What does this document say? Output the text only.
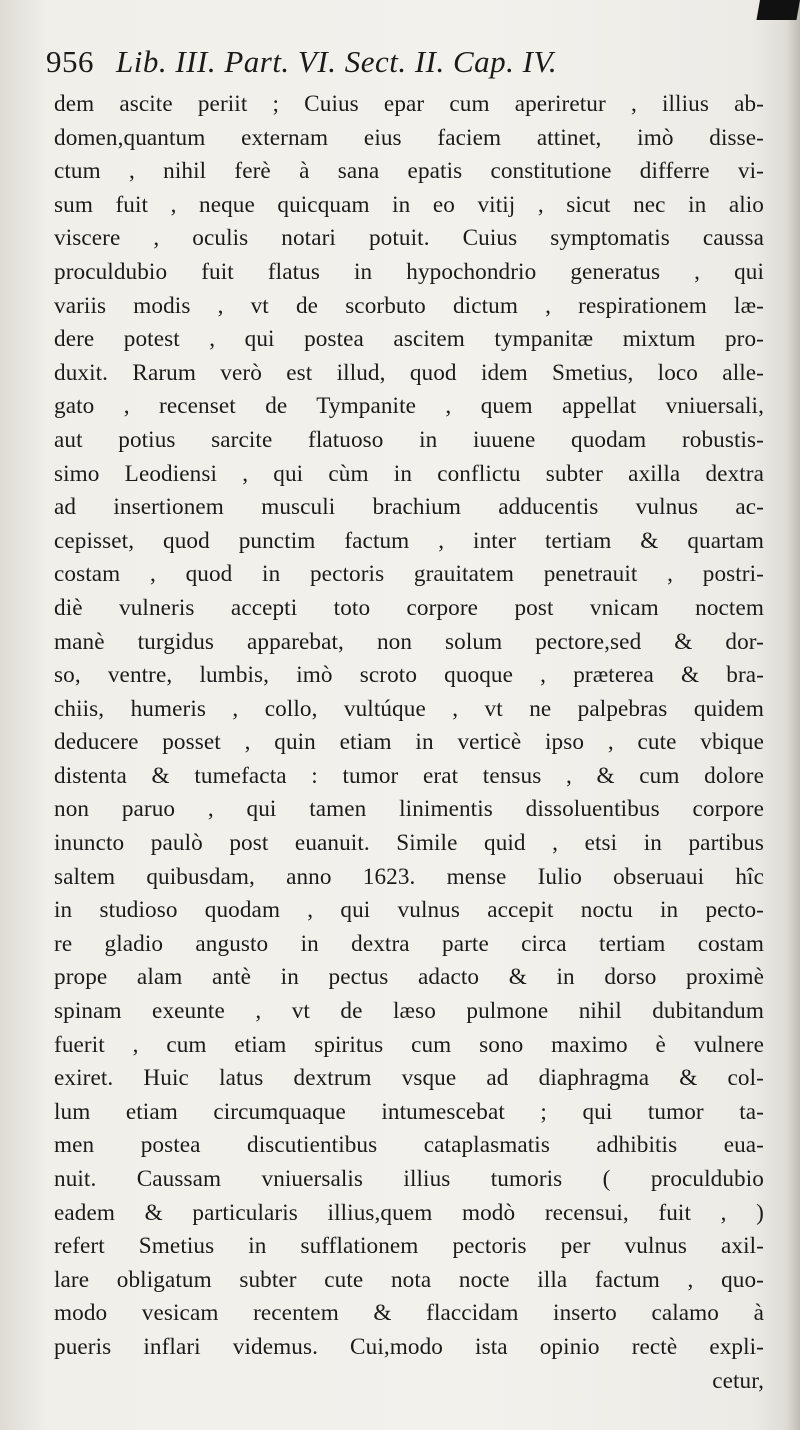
956 Lib. III. Part. VI. Sect. II. Cap. IV.
dem ascite periit ; Cuius epar cum aperiretur , illius ab-
domen,quantum externam eius faciem attinet, imò disse-
ctum , nihil ferè à sana epatis constitutione differre vi-
sum fuit , neque quicquam in eo vitij , sicut nec in alio
viscere , oculis notari potuit. Cuius symptomatis caussa
proculdubio fuit flatus in hypochondrio generatus , qui
variis modis , vt de scorbuto dictum , respirationem læ-
dere potest , qui postea ascitem tympanitæ mixtum pro-
duxit. Rarum verò est illud, quod idem Smetius, loco alle-
gato , recenset de Tympanite , quem appellat vniuersali,
aut potius sarcite flatuoso in iuuene quodam robustis-
simo Leodiensi , qui cùm in conflictu subter axilla dextra
ad insertionem musculi brachium adducentis vulnus ac-
cepisset, quod punctim factum , inter tertiam & quartam
costam , quod in pectoris grauitatem penetrauit , postri-
diè vulneris accepti toto corpore post vnicam noctem
manè turgidus apparebat, non solum pectore,sed & dor-
so, ventre, lumbis, imò scroto quoque , præterea & bra-
chiis, humeris , collo, vultúque , vt ne palpebras quidem
deducere posset , quin etiam in verticè ipso , cute vbique
distenta & tumefacta : tumor erat tensus , & cum dolore
non paruo , qui tamen linimentis dissoluentibus corpore
inuncto paulò post euanuit. Simile quid , etsi in partibus
saltem quibusdam, anno 1623. mense Iulio obseruaui hîc
in studioso quodam , qui vulnus accepit noctu in pecto-
re gladio angusto in dextra parte circa tertiam costam
prope alam antè in pectus adacto & in dorso proximè
spinam exeunte , vt de læso pulmone nihil dubitandum
fuerit , cum etiam spiritus cum sono maximo è vulnere
exiret. Huic latus dextrum vsque ad diaphragma & col-
lum etiam circumquaque intumescebat ; qui tumor ta-
men postea discutientibus cataplasmatis adhibitis eua-
nuit. Caussam vniuersalis illius tumoris ( proculdubio
eadem & particularis illius,quem modò recensui, fuit , )
refert Smetius in sufflationem pectoris per vulnus axil-
lare obligatum subter cute nota nocte illa factum , quo-
modo vesicam recentem & flaccidam inserto calamo à
pueris inflari videmus. Cui,modo ista opinio rectè expli-
cetur,
